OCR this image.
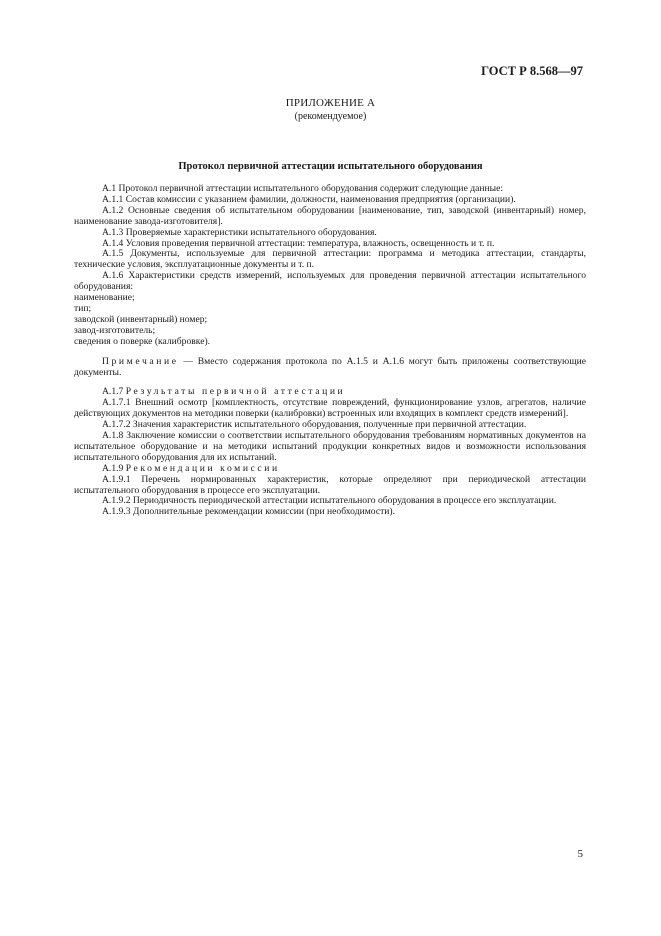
ГОСТ Р 8.568—97
ПРИЛОЖЕНИЕ А
(рекомендуемое)
Протокол первичной аттестации испытательного оборудования

А.1 Протокол первичной аттестации испытательного оборудования содержит следующие данные:

А.1.1 Состав комиссии с указанием фамилии, должности, наименования предприятия (организации).

А.1.2 Основные сведения об испытательном оборудовании [наименование, тип, заводской (инвентарный) номер, наименование завода-изготовителя].

А.1.3 Проверяемые характеристики испытательного оборудования.

А.1.4 Условия проведения первичной аттестации: температура, влажность, освещенность и т. п.

А.1.5 Документы, используемые для первичной аттестации: программа и методика аттестации, стандарты, технические условия, эксплуатационные документы и т. п.

А.1.6 Характеристики средств измерений, используемых для проведения первичной аттестации испытательного оборудования:

наименование;

тип;

заводской (инвентарный) номер;

завод-изготовитель;

сведения о поверке (калибровке).

Примечание — Вместо содержания протокола по А.1.5 и А.1.6 могут быть приложены соответствующие документы.

А.1.7 Результаты первичной аттестации

А.1.7.1 Внешний осмотр [комплектность, отсутствие повреждений, функционирование узлов, агрегатов, наличие действующих документов на методики поверки (калибровки) встроенных или входящих в комплект средств измерений].

А.1.7.2 Значения характеристик испытательного оборудования, полученные при первичной аттестации.

А.1.8 Заключение комиссии о соответствии испытательного оборудования требованиям нормативных документов на испытательное оборудование и на методики испытаний продукции конкретных видов и возможности использования испытательного оборудования для их испытаний.

А.1.9 Рекомендации комиссии

А.1.9.1 Перечень нормированных характеристик, которые определяют при периодической аттестации испытательного оборудования в процессе его эксплуатации.

А.1.9.2 Периодичность периодической аттестации испытательного оборудования в процессе его эксплуатации.

А.1.9.3 Дополнительные рекомендации комиссии (при необходимости).

5
